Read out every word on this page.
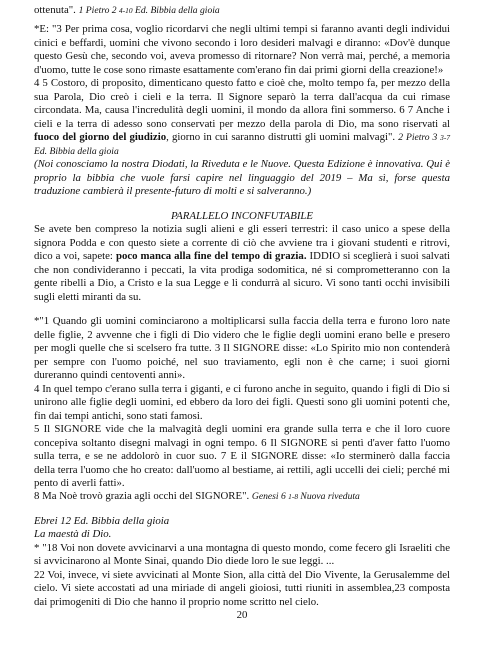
ottenuta". 1 Pietro 2 4-10 Ed. Bibbia della gioia

*E: "3 Per prima cosa, voglio ricordarvi che negli ultimi tempi si faranno avanti degli individui cinici e beffardi, uomini che vivono secondo i loro desideri malvagi e diranno: «Dov'è dunque questo Gesù che, secondo voi, aveva promesso di ritornare? Non verrà mai, perché, a memoria d'uomo, tutte le cose sono rimaste esattamente com'erano fin dai primi giorni della creazione!»

4 5 Costoro, di proposito, dimenticano questo fatto e cioè che, molto tempo fa, per mezzo della sua Parola, Dio creò i cieli e la terra. Il Signore separò la terra dall'acqua da cui rimase circondata. Ma, causa l'incredulità degli uomini, il mondo da allora fini sommerso. 6 7 Anche i cieli e la terra di adesso sono conservati per mezzo della parola di Dio, ma sono riservati al fuoco del giorno del giudizio, giorno in cui saranno distrutti gli uomini malvagi". 2 Pietro 3 3-7 Ed. Bibbia della gioia

(Noi conosciamo la nostra Diodati, la Riveduta e le Nuove. Questa Edizione è innovativa. Qui è proprio la bibbia che vuole farsi capire nel linguaggio del 2019 – Ma sì, forse questa traduzione cambierà il presente-futuro di molti e si salveranno.)

PARALLELO INCONFUTABILE

Se avete ben compreso la notizia sugli alieni e gli esseri terrestri: il caso unico a spese della signora Podda e con questo siete a corrente di ciò che avviene tra i giovani studenti e ritrovi, dico a voi, sapete: poco manca alla fine del tempo di grazia. IDDIO si sceglierà i suoi salvati che non condivideranno i peccati, la vita prodiga sodomitica, né si comprometteranno con la gente ribelli a Dio, a Cristo e la sua Legge e li condurrà al sicuro. Vi sono tanti occhi invisibili sugli eletti miranti da su.

*"1 Quando gli uomini cominciarono a moltiplicarsi sulla faccia della terra e furono loro nate delle figlie, 2 avvenne che i figli di Dio videro che le figlie degli uomini erano belle e presero per mogli quelle che si scelsero fra tutte. 3 Il SIGNORE disse: «Lo Spirito mio non contenderà per sempre con l'uomo poiché, nel suo traviamento, egli non è che carne; i suoi giorni dureranno quindi centoventi anni».

4 In quel tempo c'erano sulla terra i giganti, e ci furono anche in seguito, quando i figli di Dio si unirono alle figlie degli uomini, ed ebbero da loro dei figli. Questi sono gli uomini potenti che, fin dai tempi antichi, sono stati famosi.

5 Il SIGNORE vide che la malvagità degli uomini era grande sulla terra e che il loro cuore concepiva soltanto disegni malvagi in ogni tempo. 6 Il SIGNORE si pentì d'aver fatto l'uomo sulla terra, e se ne addolorò in cuor suo. 7 E il SIGNORE disse: «Io sterminerò dalla faccia della terra l'uomo che ho creato: dall'uomo al bestiame, ai rettili, agli uccelli dei cieli; perché mi pento di averli fatti».

8 Ma Noè trovò grazia agli occhi del SIGNORE". Genesi 6 1-8 Nuova riveduta

Ebrei 12 Ed. Bibbia della gioia

La maestà di Dio.

* "18 Voi non dovete avvicinarvi a una montagna di questo mondo, come fecero gli Israeliti che si avvicinarono al Monte Sinai, quando Dio diede loro le sue leggi. ...

22 Voi, invece, vi siete avvicinati al Monte Sion, alla città del Dio Vivente, la Gerusalemme del cielo. Vi siete accostati ad una miriade di angeli gioiosi, tutti riuniti in assemblea,23 composta dai primogeniti di Dio che hanno il proprio nome scritto nel cielo.

20
